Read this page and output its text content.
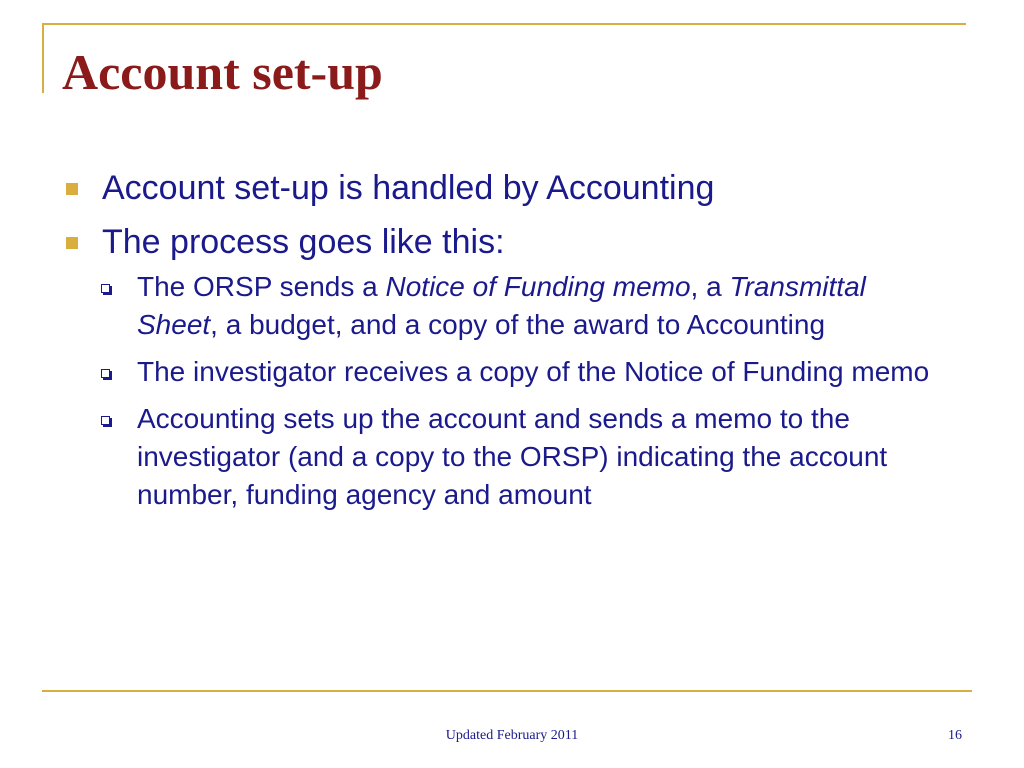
Account set-up
Account set-up is handled by Accounting
The process goes like this:
The ORSP sends a Notice of Funding memo, a Transmittal Sheet, a budget, and a copy of the award to Accounting
The investigator receives a copy of the Notice of Funding memo
Accounting sets up the account and sends a memo to the investigator (and a copy to the ORSP) indicating the account number, funding agency and amount
Updated February 2011	16
